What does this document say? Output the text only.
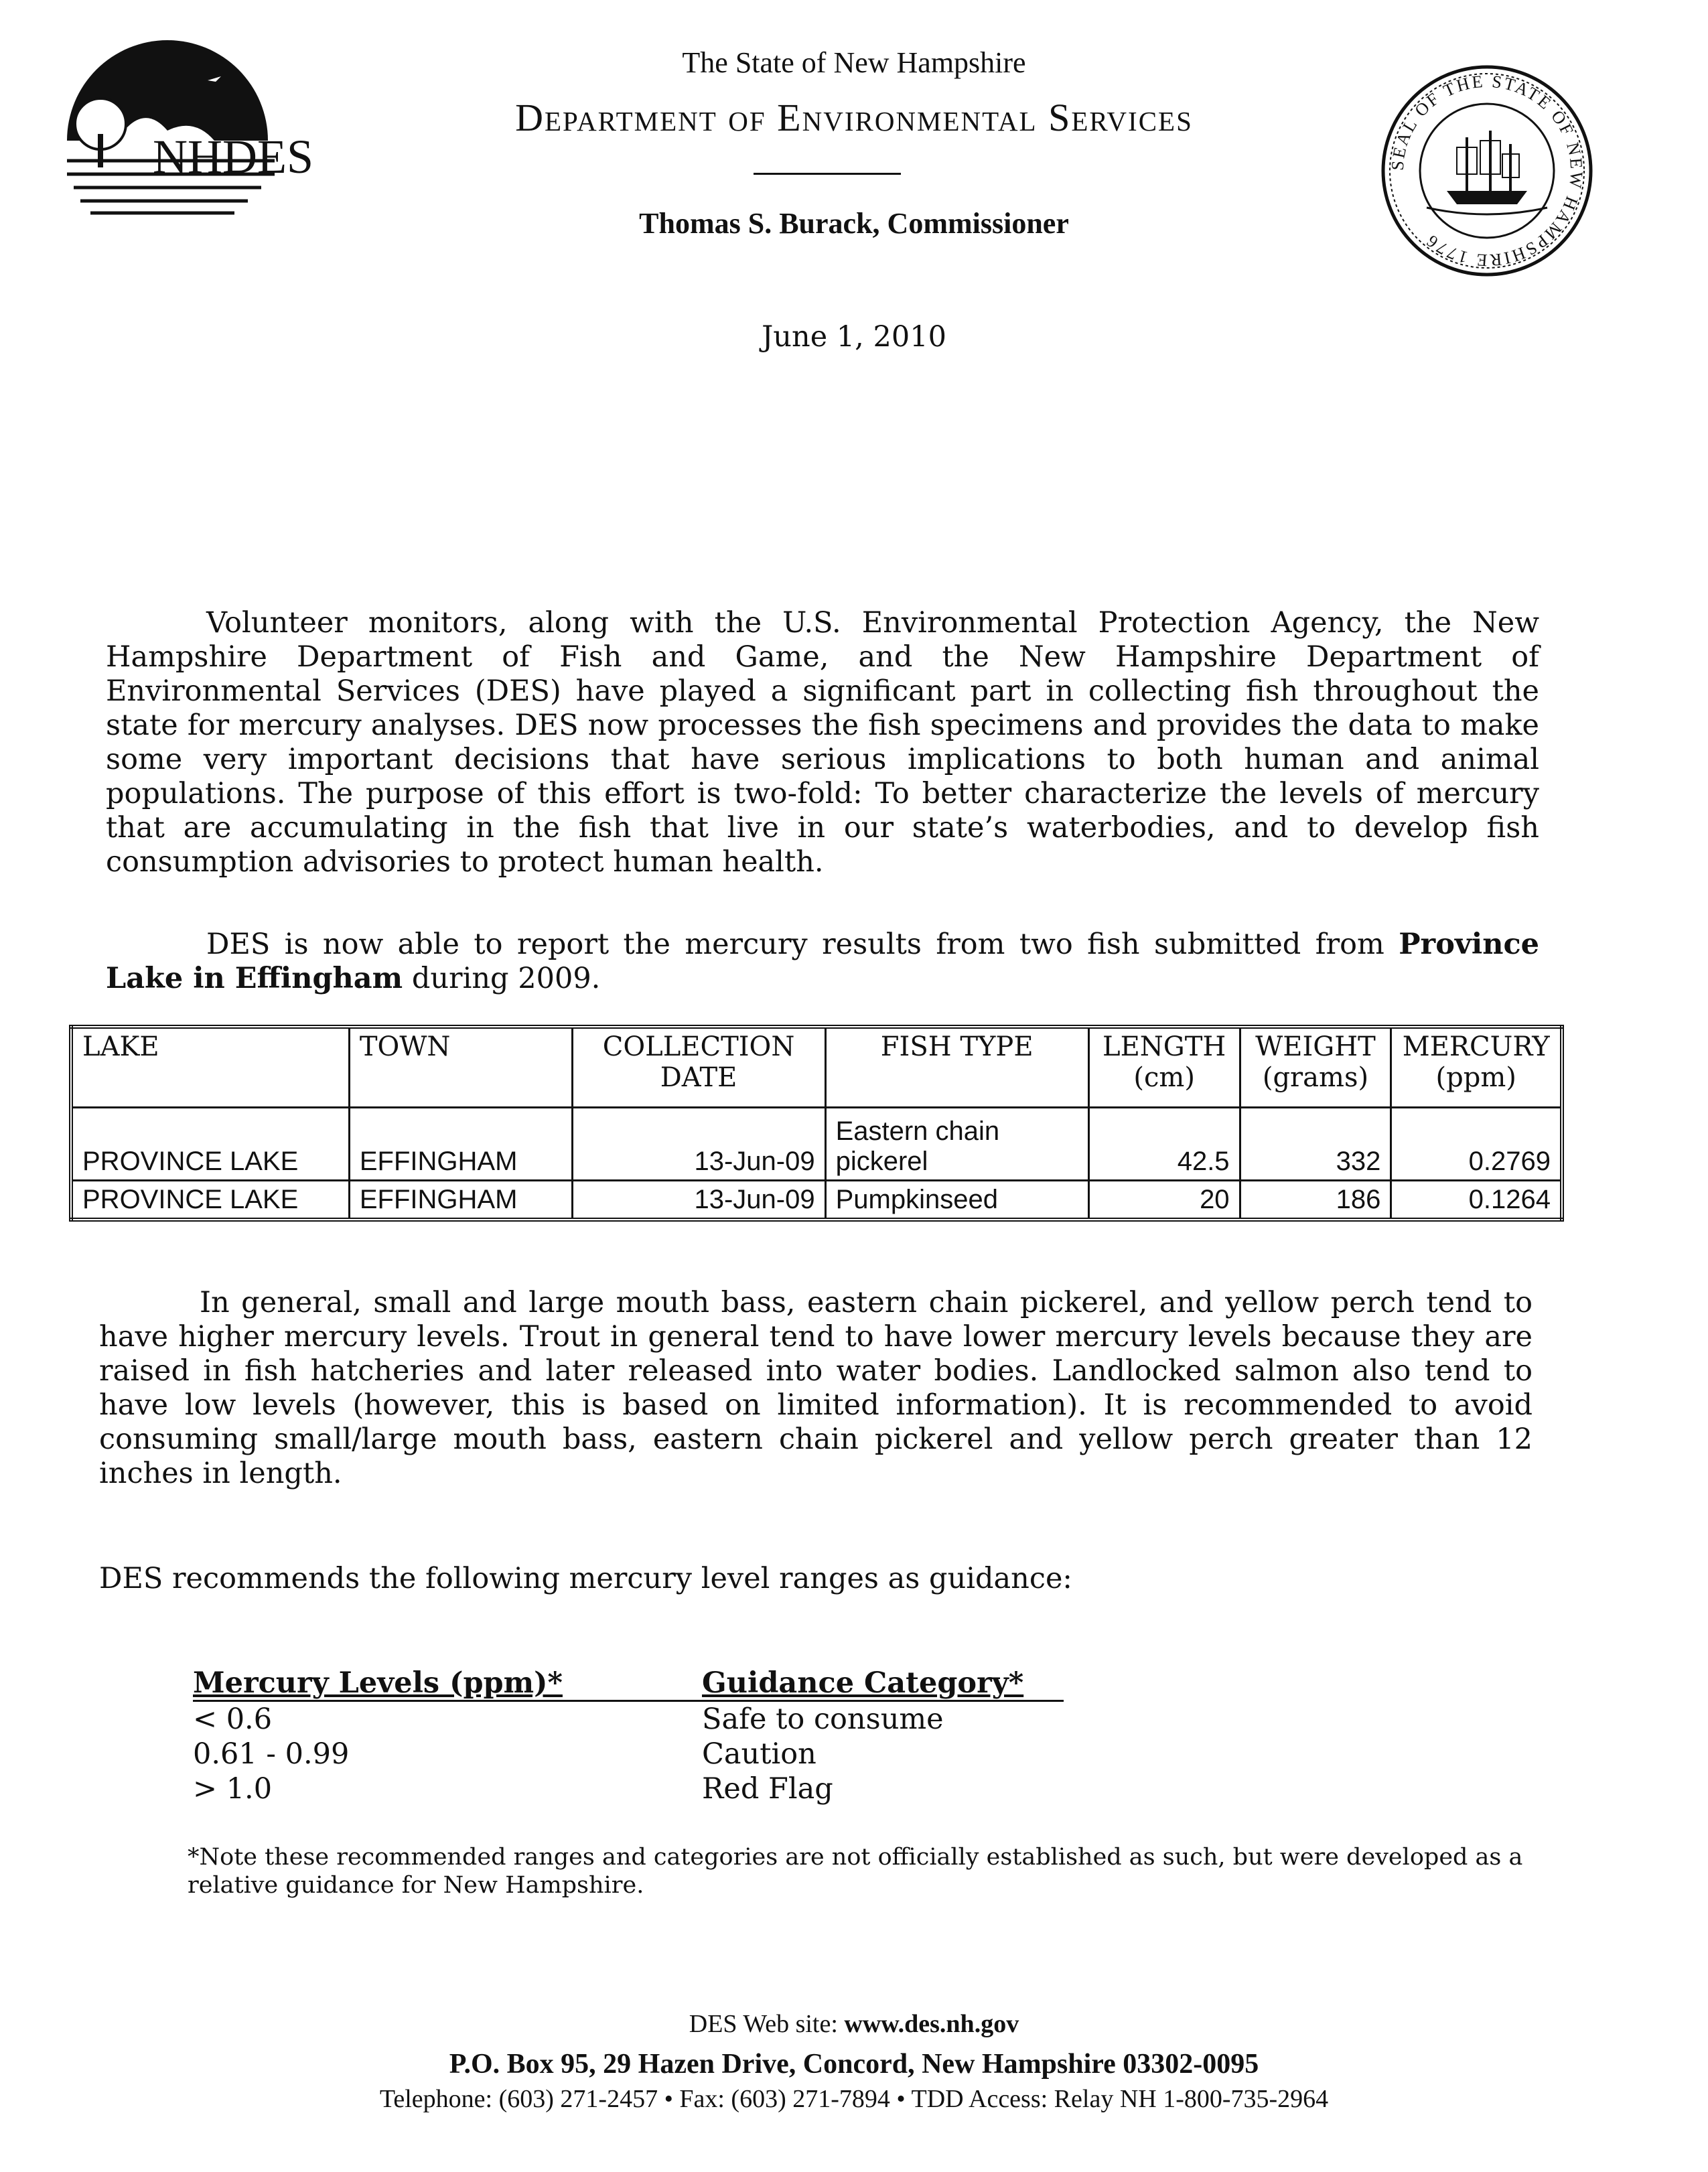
NHDES
The State of New Hampshire
Department of Environmental Services
Thomas S. Burack, Commissioner
SEAL OF THE STATE OF NEW HAMPSHIRE 1776
June 1, 2010
Volunteer monitors, along with the U.S. Environmental Protection Agency, the New Hampshire Department of Fish and Game, and the New Hampshire Department of Environmental Services (DES) have played a significant part in collecting fish throughout the state for mercury analyses. DES now processes the fish specimens and provides the data to make some very important decisions that have serious implications to both human and animal populations. The purpose of this effort is two-fold: To better characterize the levels of mercury that are accumulating in the fish that live in our state’s waterbodies, and to develop fish consumption advisories to protect human health.
DES is now able to report the mercury results from two fish submitted from Province Lake in Effingham during 2009.
LAKE	TOWN	COLLECTION DATE	FISH TYPE	LENGTH (cm)	WEIGHT (grams)	MERCURY (ppm)
PROVINCE LAKE	EFFINGHAM	13-Jun-09	Eastern chain pickerel	42.5	332	0.2769
PROVINCE LAKE	EFFINGHAM	13-Jun-09	Pumpkinseed	20	186	0.1264
In general, small and large mouth bass, eastern chain pickerel, and yellow perch tend to have higher mercury levels. Trout in general tend to have lower mercury levels because they are raised in fish hatcheries and later released into water bodies. Landlocked salmon also tend to have low levels (however, this is based on limited information). It is recommended to avoid consuming small/large mouth bass, eastern chain pickerel and yellow perch greater than 12 inches in length.
DES recommends the following mercury level ranges as guidance:
Mercury Levels (ppm)*	Guidance Category*
< 0.6	Safe to consume
0.61 - 0.99	Caution
> 1.0	Red Flag
*Note these recommended ranges and categories are not officially established as such, but were developed as a relative guidance for New Hampshire.
DES Web site: www.des.nh.gov
P.O. Box 95, 29 Hazen Drive, Concord, New Hampshire 03302-0095
Telephone: (603) 271-2457 • Fax: (603) 271-7894 • TDD Access: Relay NH 1-800-735-2964
